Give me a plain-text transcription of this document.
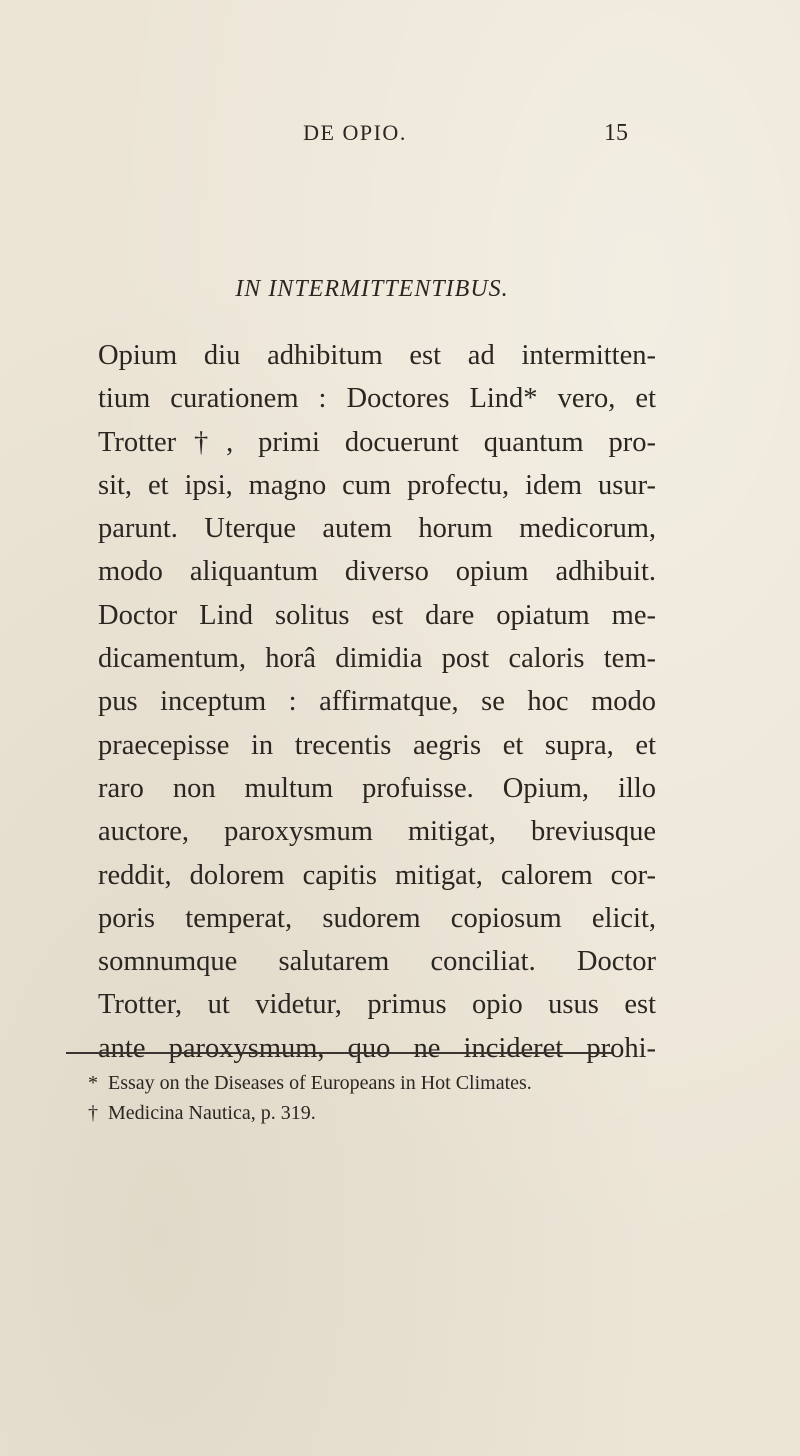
DE OPIO.	15
IN INTERMITTENTIBUS.
Opium diu adhibitum est ad intermitten-
tium curationem : Doctores Lind* vero, et
Trotter†, primi docuerunt quantum pro-
sit, et ipsi, magno cum profectu, idem usur-
parunt. Uterque autem horum medicorum,
modo aliquantum diverso opium adhibuit.
Doctor Lind solitus est dare opiatum me-
dicamentum, horâ dimidia post caloris tem-
pus inceptum : affirmatque, se hoc modo
praecepisse in trecentis aegris et supra, et
raro non multum profuisse. Opium, illo
auctore, paroxysmum mitigat, breviusque
reddit, dolorem capitis mitigat, calorem cor-
poris temperat, sudorem copiosum elicit,
somnumque salutarem conciliat. Doctor
Trotter, ut videtur, primus opio usus est
ante paroxysmum, quo ne incideret prohi-
* Essay on the Diseases of Europeans in Hot Climates.
† Medicina Nautica, p. 319.
